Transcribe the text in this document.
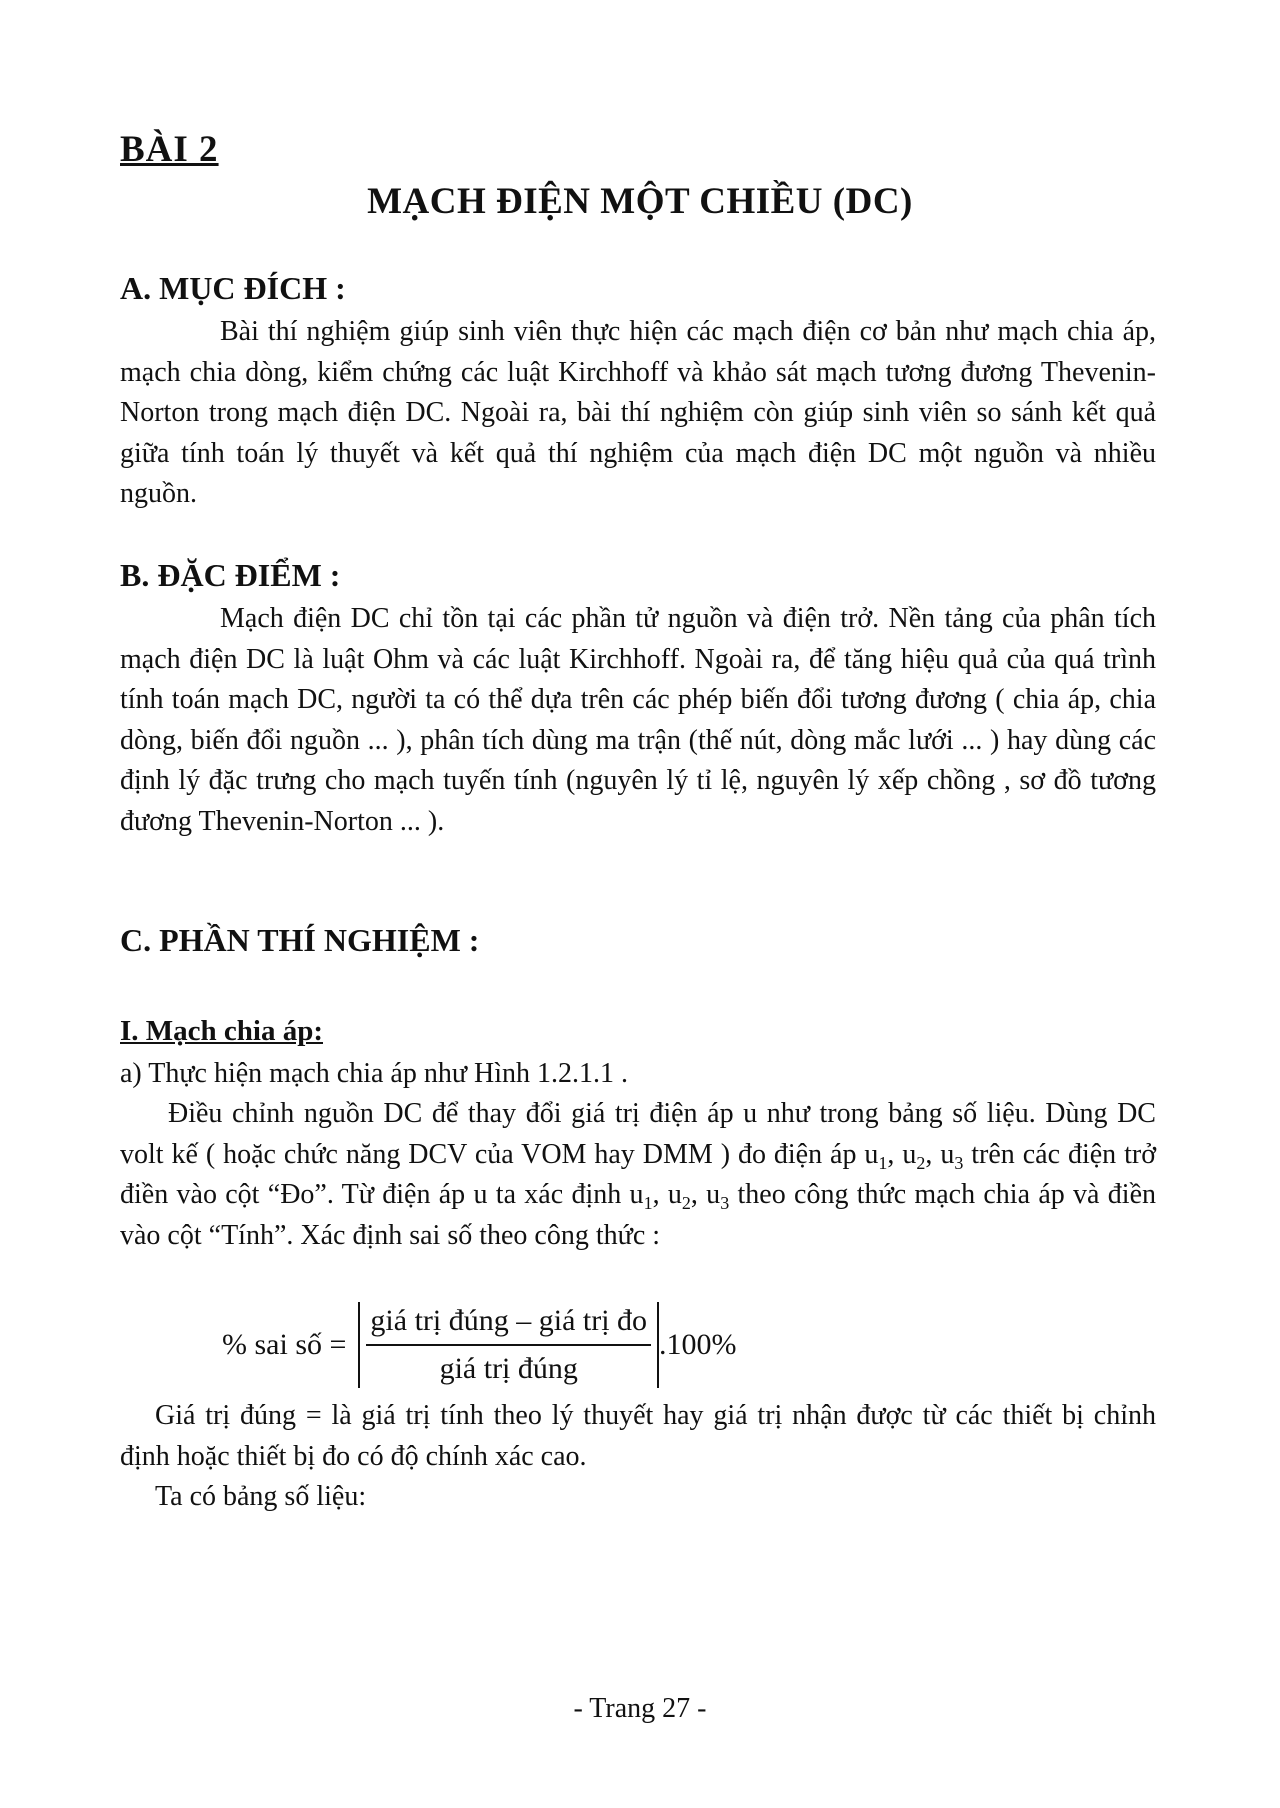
BÀI 2
MẠCH ĐIỆN MỘT CHIỀU (DC)
A. MỤC ĐÍCH :
Bài thí nghiệm giúp sinh viên thực hiện các mạch điện cơ bản như mạch chia áp, mạch chia dòng, kiểm chứng các luật Kirchhoff và khảo sát mạch tương đương Thevenin-Norton trong mạch điện DC. Ngoài ra, bài thí nghiệm còn giúp sinh viên so sánh kết quả giữa tính toán lý thuyết và kết quả thí nghiệm của mạch điện DC một nguồn và nhiều nguồn.
B. ĐẶC ĐIỂM :
Mạch điện DC chỉ tồn tại các phần tử nguồn và điện trở. Nền tảng của phân tích mạch điện DC là luật Ohm và các luật Kirchhoff. Ngoài ra, để tăng hiệu quả của quá trình tính toán mạch DC, người ta có thể dựa trên các phép biến đổi tương đương ( chia áp, chia dòng, biến đổi nguồn ... ), phân tích dùng ma trận (thế nút, dòng mắc lưới ... ) hay dùng các định lý đặc trưng cho mạch tuyến tính (nguyên lý tỉ lệ, nguyên lý xếp chồng , sơ đồ tương đương Thevenin-Norton ... ).
C. PHẦN THÍ NGHIỆM :
I. Mạch chia áp:
a) Thực hiện mạch chia áp như Hình 1.2.1.1 .
Điều chỉnh nguồn DC để thay đổi giá trị điện áp u như trong bảng số liệu. Dùng DC volt kế ( hoặc chức năng DCV của VOM hay DMM ) đo điện áp $u_1$, $u_2$, $u_3$ trên các điện trở điền vào cột “Đo”. Từ điện áp u ta xác định $u_1$, $u_2$, $u_3$ theo công thức mạch chia áp và điền vào cột “Tính”. Xác định sai số theo công thức :
% sai số = $\frac{\text{giá trị đúng – giá trị đo}}{\text{giá trị đúng}} .100\%$
Giá trị đúng = là giá trị tính theo lý thuyết hay giá trị nhận được từ các thiết bị chỉnh định hoặc thiết bị đo có độ chính xác cao.
Ta có bảng số liệu:
- Trang 27 -
